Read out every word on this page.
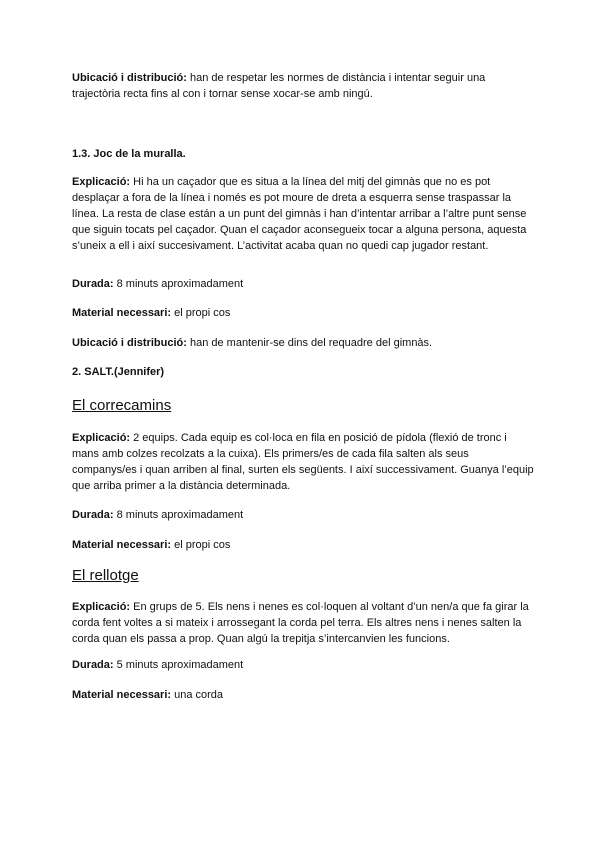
Ubicació i distribució: han de respetar les normes de distància i intentar seguir una trajectòria recta fins al con i tornar sense xocar-se amb ningú.

1.3. Joc de la muralla.

Explicació: Hi ha un caçador que es situa a la línea del mitj del gimnàs que no es pot desplaçar a fora de la línea i només es pot moure de dreta a esquerra sense traspassar la línea. La resta de clase están a un punt del gimnàs i han d’intentar arribar a l’altre punt sense que siguin tocats pel caçador. Quan el caçador aconsegueix tocar a alguna persona, aquesta s’uneix a ell i així succesivament. L’activitat acaba quan no quedi cap jugador restant.

Durada: 8 minuts aproximadament

Material necessari: el propi cos

Ubicació i distribució: han de mantenir-se dins del requadre del gimnàs.

2. SALT.(Jennifer)

El correcamins

Explicació: 2 equips. Cada equip es col·loca en fila en posició de pídola (flexió de tronc i mans amb colzes recolzats a la cuixa). Els primers/es de cada fila salten als seus companys/es i quan arriben al final, surten els següents. I així successivament. Guanya l’equip que arriba primer a la distància determinada.

Durada: 8 minuts aproximadament

Material necessari: el propi cos

El rellotge

Explicació: En grups de 5. Els nens i nenes es col·loquen al voltant d’un nen/a que fa girar la corda fent voltes a si mateix i arrossegant la corda pel terra. Els altres nens i nenes salten la corda quan els passa a prop. Quan algú la trepitja s’intercanvien les funcions.

Durada: 5 minuts aproximadament

Material necessari: una corda
